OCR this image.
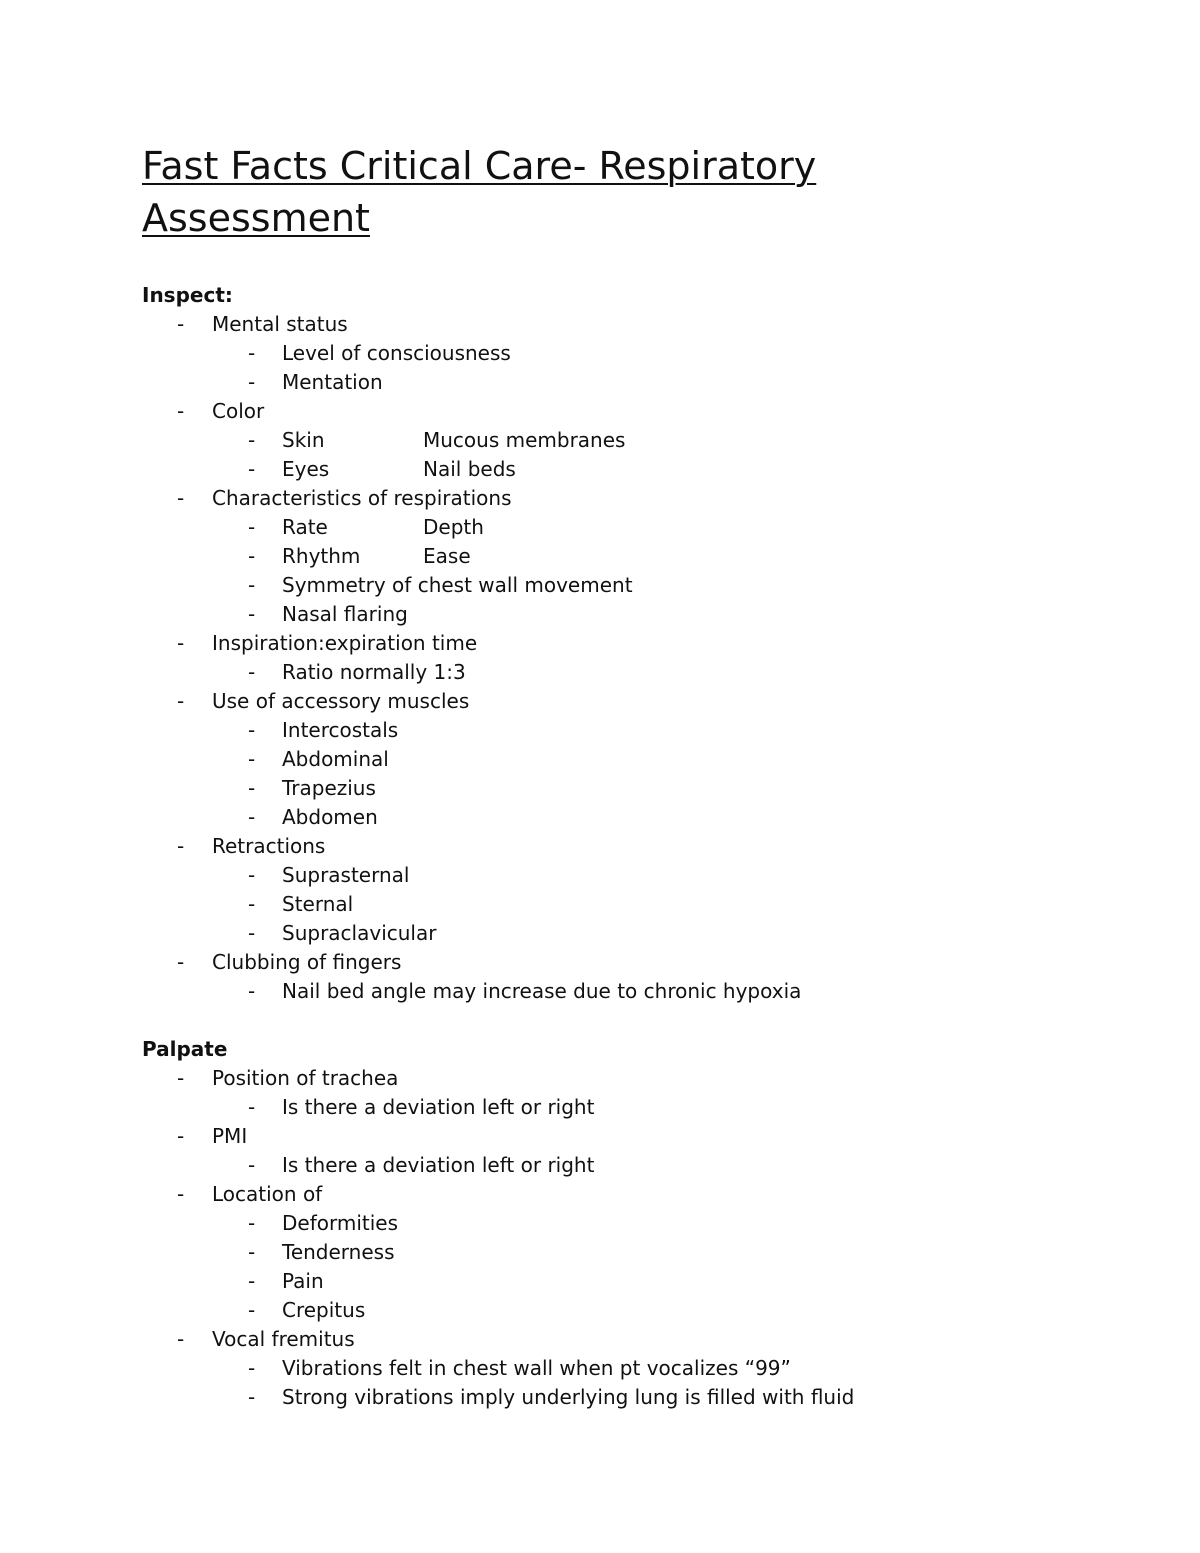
Fast Facts Critical Care- Respiratory
Assessment
Inspect:
- Mental status
- Level of consciousness
- Mentation
- Color
- Skin	Mucous membranes
- Eyes	Nail beds
- Characteristics of respirations
- Rate	Depth
- Rhythm	Ease
- Symmetry of chest wall movement
- Nasal flaring
- Inspiration:expiration time
- Ratio normally 1:3
- Use of accessory muscles
- Intercostals
- Abdominal
- Trapezius
- Abdomen
- Retractions
- Suprasternal
- Sternal
- Supraclavicular
- Clubbing of fingers
- Nail bed angle may increase due to chronic hypoxia
Palpate
- Position of trachea
- Is there a deviation left or right
- PMI
- Is there a deviation left or right
- Location of
- Deformities
- Tenderness
- Pain
- Crepitus
- Vocal fremitus
- Vibrations felt in chest wall when pt vocalizes “99”
- Strong vibrations imply underlying lung is filled with fluid
